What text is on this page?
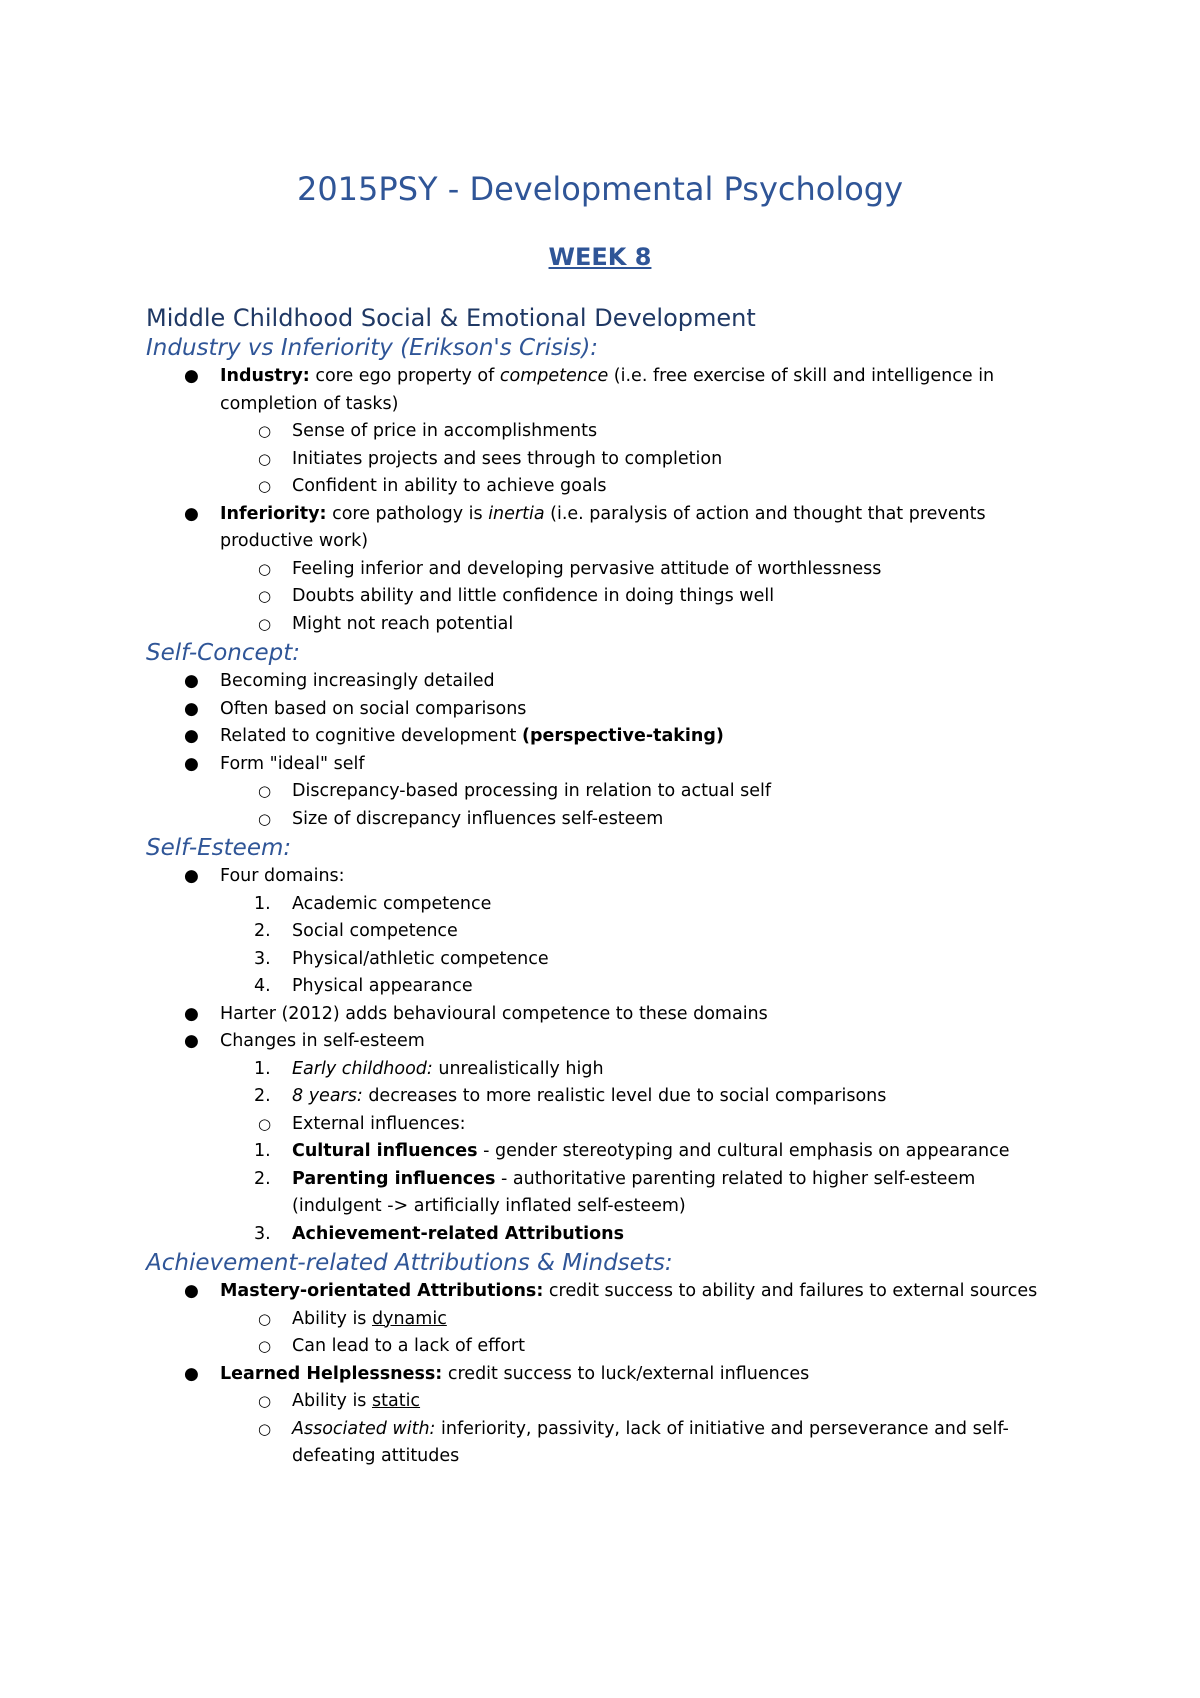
2015PSY - Developmental Psychology
WEEK 8
Middle Childhood Social & Emotional Development
Industry vs Inferiority (Erikson's Crisis):
● Industry: core ego property of competence (i.e. free exercise of skill and intelligence in completion of tasks)
○ Sense of price in accomplishments
○ Initiates projects and sees through to completion
○ Confident in ability to achieve goals
● Inferiority: core pathology is inertia (i.e. paralysis of action and thought that prevents productive work)
○ Feeling inferior and developing pervasive attitude of worthlessness
○ Doubts ability and little confidence in doing things well
○ Might not reach potential
Self-Concept:
● Becoming increasingly detailed
● Often based on social comparisons
● Related to cognitive development (perspective-taking)
● Form "ideal" self
○ Discrepancy-based processing in relation to actual self
○ Size of discrepancy influences self-esteem
Self-Esteem:
● Four domains:
1.	Academic competence
2.	Social competence
3.	Physical/athletic competence
4.	Physical appearance
● Harter (2012) adds behavioural competence to these domains
● Changes in self-esteem
1.	Early childhood: unrealistically high
2.	8 years: decreases to more realistic level due to social comparisons
○ External influences:
1.	Cultural influences - gender stereotyping and cultural emphasis on appearance
2.	Parenting influences - authoritative parenting related to higher self-esteem (indulgent -> artificially inflated self-esteem)
3.	Achievement-related Attributions
Achievement-related Attributions & Mindsets:
● Mastery-orientated Attributions: credit success to ability and failures to external sources
○ Ability is dynamic
○ Can lead to a lack of effort
● Learned Helplessness: credit success to luck/external influences
○ Ability is static
○ Associated with: inferiority, passivity, lack of initiative and perseverance and self-defeating attitudes
